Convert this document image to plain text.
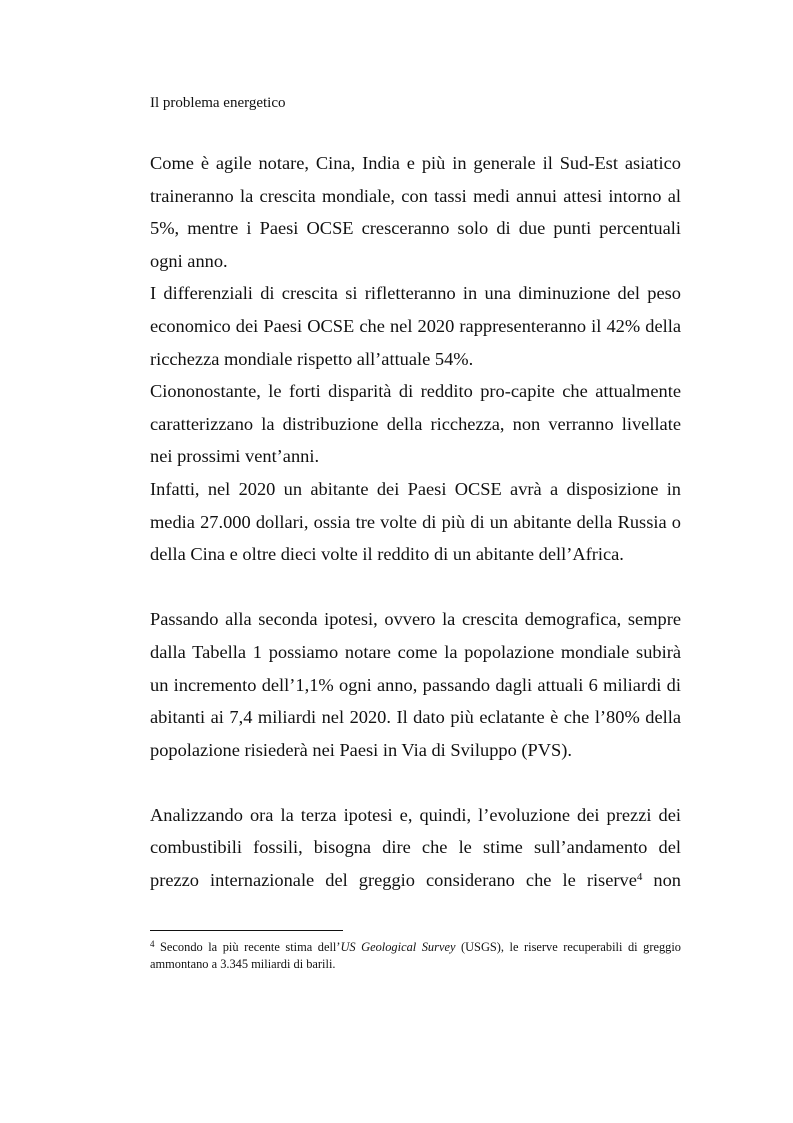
Il problema energetico

Come è agile notare, Cina, India e più in generale il Sud-Est asiatico traineranno la crescita mondiale, con tassi medi annui attesi intorno al 5%, mentre i Paesi OCSE cresceranno solo di due punti percentuali ogni anno.

I differenziali di crescita si rifletteranno in una diminuzione del peso economico dei Paesi OCSE che nel 2020 rappresenteranno il 42% della ricchezza mondiale rispetto all’attuale 54%.

Ciononostante, le forti disparità di reddito pro-capite che attualmente caratterizzano la distribuzione della ricchezza, non verranno livellate nei prossimi vent’anni.

Infatti, nel 2020 un abitante dei Paesi OCSE avrà a disposizione in media 27.000 dollari, ossia tre volte di più di un abitante della Russia o della Cina e oltre dieci volte il reddito di un abitante dell’Africa.

Passando alla seconda ipotesi, ovvero la crescita demografica, sempre dalla Tabella 1 possiamo notare come la popolazione mondiale subirà un incremento dell’1,1% ogni anno, passando dagli attuali 6 miliardi di abitanti ai 7,4 miliardi nel 2020. Il dato più eclatante è che l’80% della popolazione risiederà nei Paesi in Via di Sviluppo (PVS).

Analizzando ora la terza ipotesi e, quindi, l’evoluzione dei prezzi dei combustibili fossili, bisogna dire che le stime sull’andamento del prezzo internazionale del greggio considerano che le riserve$^4$ non

$^4$ Secondo la più recente stima dell’US Geological Survey (USGS), le riserve recuperabili di greggio ammontano a 3.345 miliardi di barili.
